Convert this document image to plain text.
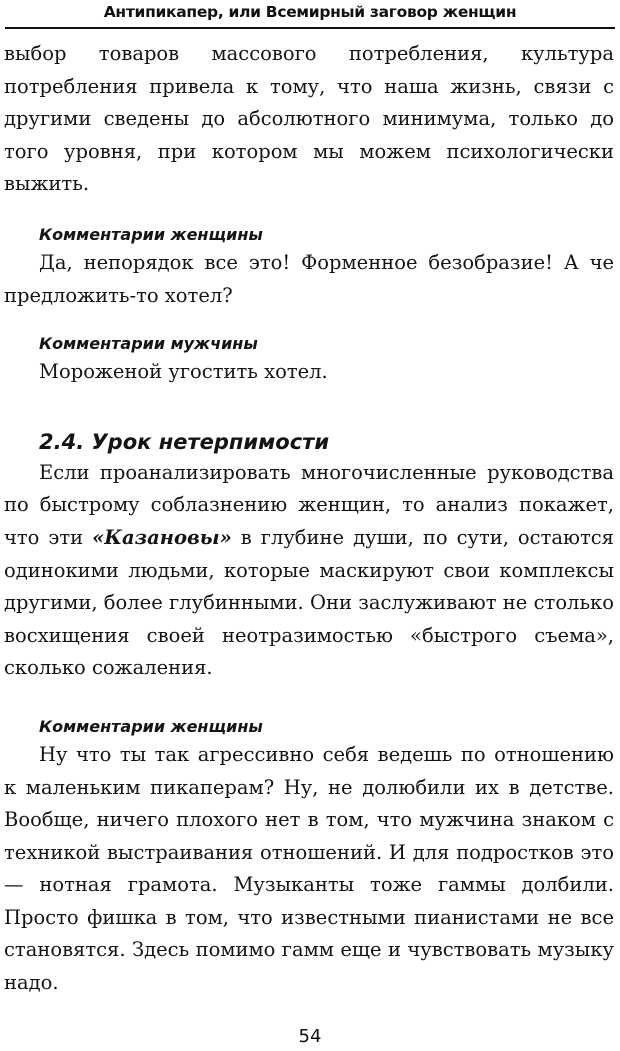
Антипикапер, или Всемирный заговор женщин

выбор товаров массового потребления, культура потребления привела к тому, что наша жизнь, связи с другими сведены до абсолютного минимума, только до того уровня, при котором мы можем психологически выжить.

Комментарии женщины

Да, непорядок все это! Форменное безобразие! А че предложить-то хотел?

Комментарии мужчины

Мороженой угостить хотел.

2.4. Урок нетерпимости

Если проанализировать многочисленные руководства по быстрому соблазнению женщин, то анализ покажет, что эти «Казановы» в глубине души, по сути, остаются одинокими людьми, которые маскируют свои комплексы другими, более глубинными. Они заслуживают не столько восхищения своей неотразимостью «быстрого съема», сколько сожаления.

Комментарии женщины

Ну что ты так агрессивно себя ведешь по отношению к маленьким пикаперам? Ну, не долюбили их в детстве. Вообще, ничего плохого нет в том, что мужчина знаком с техникой выстраивания отношений. И для подростков это — нотная грамота. Музыканты тоже гаммы долбили. Просто фишка в том, что известными пианистами не все становятся. Здесь помимо гамм еще и чувствовать музыку надо.

54
